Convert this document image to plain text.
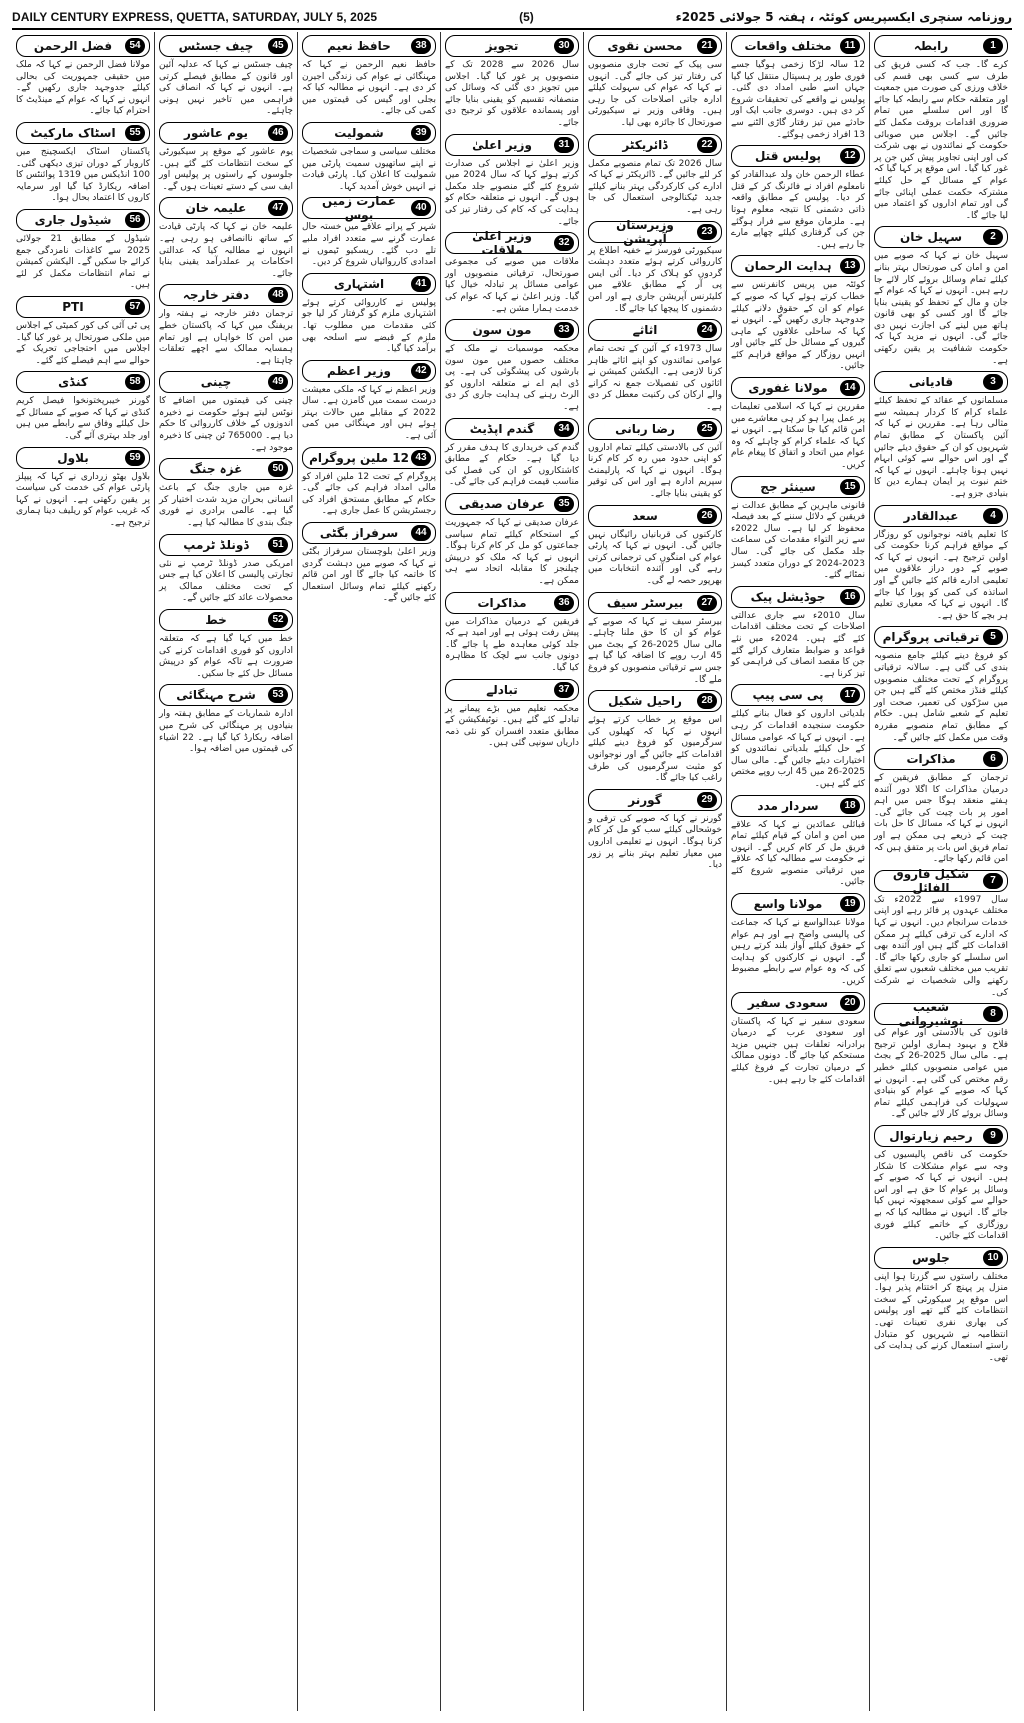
DAILY CENTURY EXPRESS, QUETTA, SATURDAY, JULY 5, 2025	(5)	روزنامہ سنچری ایکسپریس کوئٹہ ، ہفتہ 5 جولائی 2025ء
1
رابطہ
کرے گا۔ جب کہ کسی فریق کی طرف سے کسی بھی قسم کی خلاف ورزی کی صورت میں جمعیت اور متعلقہ حکام سے رابطہ کیا جائے گا اور اس سلسلے میں تمام ضروری اقدامات بروقت مکمل کئے جائیں گے۔ اجلاس میں صوبائی حکومت کے نمائندوں نے بھی شرکت کی اور اپنی تجاویز پیش کیں جن پر غور کیا گیا۔ اس موقع پر کہا گیا کہ عوام کے مسائل کے حل کیلئے مشترکہ حکمت عملی اپنائی جائے گی اور تمام اداروں کو اعتماد میں لیا جائے گا۔
2
سہیل خان
سہیل خان نے کہا کہ صوبے میں امن و امان کی صورتحال بہتر بنانے کیلئے تمام وسائل بروئے کار لائے جا رہے ہیں۔ انہوں نے کہا کہ عوام کے جان و مال کے تحفظ کو یقینی بنایا جائے گا اور کسی کو بھی قانون ہاتھ میں لینے کی اجازت نہیں دی جائے گی۔ انہوں نے مزید کہا کہ حکومت شفافیت پر یقین رکھتی ہے۔
3
قادیانی
مسلمانوں کے عقائد کے تحفظ کیلئے علماء کرام کا کردار ہمیشہ سے مثالی رہا ہے۔ مقررین نے کہا کہ آئین پاکستان کے مطابق تمام شہریوں کو ان کے حقوق دیئے جائیں گے اور اس حوالے سے کوئی ابہام نہیں ہونا چاہئے۔ انہوں نے کہا کہ ختم نبوت پر ایمان ہمارے دین کا بنیادی جزو ہے۔
4
عبدالقادر
کا تعلیم یافتہ نوجوانوں کو روزگار کے مواقع فراہم کرنا حکومت کی اولین ترجیح ہے۔ انہوں نے کہا کہ صوبے کے دور دراز علاقوں میں تعلیمی ادارے قائم کئے جائیں گے اور اساتذہ کی کمی کو پورا کیا جائے گا۔ انہوں نے کہا کہ معیاری تعلیم ہر بچے کا حق ہے۔
5
ترقیاتی پروگرام
کو فروغ دینے کیلئے جامع منصوبہ بندی کی گئی ہے۔ سالانہ ترقیاتی پروگرام کے تحت مختلف منصوبوں کیلئے فنڈز مختص کئے گئے ہیں جن میں سڑکوں کی تعمیر، صحت اور تعلیم کے شعبے شامل ہیں۔ حکام کے مطابق تمام منصوبے مقررہ وقت میں مکمل کئے جائیں گے۔
6
مذاکرات
ترجمان کے مطابق فریقین کے درمیان مذاکرات کا اگلا دور آئندہ ہفتے منعقد ہوگا جس میں اہم امور پر بات چیت کی جائے گی۔ انہوں نے کہا کہ مسائل کا حل بات چیت کے ذریعے ہی ممکن ہے اور تمام فریق اس بات پر متفق ہیں کہ امن قائم رکھا جائے۔
7
شکیل فاروق الفائل
سال 1997ء سے 2022ء تک مختلف عہدوں پر فائز رہے اور اپنی خدمات سرانجام دیں۔ انہوں نے کہا کہ ادارے کی ترقی کیلئے ہر ممکن اقدامات کئے گئے ہیں اور آئندہ بھی اس سلسلے کو جاری رکھا جائے گا۔ تقریب میں مختلف شعبوں سے تعلق رکھنے والی شخصیات نے شرکت کی۔
8
شعیب نوشیروانی
قانون کی بالادستی اور عوام کی فلاح و بہبود ہماری اولین ترجیح ہے۔ مالی سال 2025-26 کے بجٹ میں عوامی منصوبوں کیلئے خطیر رقم مختص کی گئی ہے۔ انہوں نے کہا کہ صوبے کے عوام کو بنیادی سہولیات کی فراہمی کیلئے تمام وسائل بروئے کار لائے جائیں گے۔
9
رحیم زیارتوال
حکومت کی ناقص پالیسیوں کی وجہ سے عوام مشکلات کا شکار ہیں۔ انہوں نے کہا کہ صوبے کے وسائل پر عوام کا حق ہے اور اس حوالے سے کوئی سمجھوتہ نہیں کیا جائے گا۔ انہوں نے مطالبہ کیا کہ بے روزگاری کے خاتمے کیلئے فوری اقدامات کئے جائیں۔
10
جلوس
مختلف راستوں سے گزرتا ہوا اپنی منزل پر پہنچ کر اختتام پذیر ہوا۔ اس موقع پر سیکورٹی کے سخت انتظامات کئے گئے تھے اور پولیس کی بھاری نفری تعینات تھی۔ انتظامیہ نے شہریوں کو متبادل راستے استعمال کرنے کی ہدایت کی تھی۔
11
مختلف واقعات
12 سالہ لڑکا زخمی ہوگیا جسے فوری طور پر ہسپتال منتقل کیا گیا جہاں اسے طبی امداد دی گئی۔ پولیس نے واقعے کی تحقیقات شروع کر دی ہیں۔ دوسری جانب ایک اور حادثے میں تیز رفتار گاڑی الٹنے سے 13 افراد زخمی ہوگئے۔
12
پولیس قتل
عطاء الرحمن خان ولد عبدالقادر کو نامعلوم افراد نے فائرنگ کر کے قتل کر دیا۔ پولیس کے مطابق واقعہ ذاتی دشمنی کا نتیجہ معلوم ہوتا ہے۔ ملزمان موقع سے فرار ہوگئے جن کی گرفتاری کیلئے چھاپے مارے جا رہے ہیں۔
13
ہدایت الرحمان
کوئٹہ میں پریس کانفرنس سے خطاب کرتے ہوئے کہا کہ صوبے کے عوام کو ان کے حقوق دلانے کیلئے جدوجہد جاری رکھیں گے۔ انہوں نے کہا کہ ساحلی علاقوں کے ماہی گیروں کے مسائل حل کئے جائیں اور انہیں روزگار کے مواقع فراہم کئے جائیں۔
14
مولانا غفوری
مقررین نے کہا کہ اسلامی تعلیمات پر عمل پیرا ہو کر ہی معاشرے میں امن قائم کیا جا سکتا ہے۔ انہوں نے کہا کہ علماء کرام کو چاہئے کہ وہ عوام میں اتحاد و اتفاق کا پیغام عام کریں۔
15
سینئر جج
قانونی ماہرین کے مطابق عدالت نے فریقین کے دلائل سننے کے بعد فیصلہ محفوظ کر لیا ہے۔ سال 2022ء سے زیر التواء مقدمات کی سماعت جلد مکمل کی جائے گی۔ سال 2023-2024 کے دوران متعدد کیسز نمٹائے گئے۔
16
جوڈیشل پیک
سال 2010ء سے جاری عدالتی اصلاحات کے تحت مختلف اقدامات کئے گئے ہیں۔ 2024ء میں نئے قواعد و ضوابط متعارف کرائے گئے جن کا مقصد انصاف کی فراہمی کو تیز کرنا ہے۔
17
پی سی پیپ
بلدیاتی اداروں کو فعال بنانے کیلئے حکومت سنجیدہ اقدامات کر رہی ہے۔ انہوں نے کہا کہ عوامی مسائل کے حل کیلئے بلدیاتی نمائندوں کو اختیارات دیئے جائیں گے۔ مالی سال 2025-26 میں 45 ارب روپے مختص کئے گئے ہیں۔
18
سردار مدد
قبائلی عمائدین نے کہا کہ علاقے میں امن و امان کے قیام کیلئے تمام فریق مل کر کام کریں گے۔ انہوں نے حکومت سے مطالبہ کیا کہ علاقے میں ترقیاتی منصوبے شروع کئے جائیں۔
19
مولانا واسع
مولانا عبدالواسع نے کہا کہ جماعت کی پالیسی واضح ہے اور ہم عوام کے حقوق کیلئے آواز بلند کرتے رہیں گے۔ انہوں نے کارکنوں کو ہدایت کی کہ وہ عوام سے رابطے مضبوط کریں۔
20
سعودی سفیر
سعودی سفیر نے کہا کہ پاکستان اور سعودی عرب کے درمیان برادرانہ تعلقات ہیں جنہیں مزید مستحکم کیا جائے گا۔ دونوں ممالک کے درمیان تجارت کے فروغ کیلئے اقدامات کئے جا رہے ہیں۔
21
محسن نقوی
سی پیک کے تحت جاری منصوبوں کی رفتار تیز کی جائے گی۔ انہوں نے کہا کہ عوام کی سہولت کیلئے ادارہ جاتی اصلاحات کی جا رہی ہیں۔ وفاقی وزیر نے سیکیورٹی صورتحال کا جائزہ بھی لیا۔
22
ڈائریکٹر
سال 2026 تک تمام منصوبے مکمل کر لئے جائیں گے۔ ڈائریکٹر نے کہا کہ ادارے کی کارکردگی بہتر بنانے کیلئے جدید ٹیکنالوجی استعمال کی جا رہی ہے۔
23
وزیرستان آپریشن
سیکیورٹی فورسز نے خفیہ اطلاع پر کارروائی کرتے ہوئے متعدد دہشت گردوں کو ہلاک کر دیا۔ آئی ایس پی آر کے مطابق علاقے میں کلیئرنس آپریشن جاری ہے اور امن دشمنوں کا پیچھا کیا جائے گا۔
24
اثاثے
سال 1973ء کے آئین کے تحت تمام عوامی نمائندوں کو اپنے اثاثے ظاہر کرنا لازمی ہے۔ الیکشن کمیشن نے اثاثوں کی تفصیلات جمع نہ کرانے والے ارکان کی رکنیت معطل کر دی ہے۔
25
رضا ربانی
آئین کی بالادستی کیلئے تمام اداروں کو اپنی حدود میں رہ کر کام کرنا ہوگا۔ انہوں نے کہا کہ پارلیمنٹ سپریم ادارہ ہے اور اس کی توقیر کو یقینی بنایا جائے۔
26
سعد
کارکنوں کی قربانیاں رائیگاں نہیں جائیں گی۔ انہوں نے کہا کہ پارٹی عوام کی امنگوں کی ترجمانی کرتی رہے گی اور آئندہ انتخابات میں بھرپور حصہ لے گی۔
27
بیرسٹر سیف
بیرسٹر سیف نے کہا کہ صوبے کے عوام کو ان کا حق ملنا چاہئے۔ مالی سال 2025-26 کے بجٹ میں 45 ارب روپے کا اضافہ کیا گیا ہے جس سے ترقیاتی منصوبوں کو فروغ ملے گا۔
28
راحیل شکیل
اس موقع پر خطاب کرتے ہوئے انہوں نے کہا کہ کھیلوں کی سرگرمیوں کو فروغ دینے کیلئے اقدامات کئے جائیں گے اور نوجوانوں کو مثبت سرگرمیوں کی طرف راغب کیا جائے گا۔
29
گورنر
گورنر نے کہا کہ صوبے کی ترقی و خوشحالی کیلئے سب کو مل کر کام کرنا ہوگا۔ انہوں نے تعلیمی اداروں میں معیار تعلیم بہتر بنانے پر زور دیا۔
30
تجویز
سال 2026 سے 2028 تک کے منصوبوں پر غور کیا گیا۔ اجلاس میں تجویز دی گئی کہ وسائل کی منصفانہ تقسیم کو یقینی بنایا جائے اور پسماندہ علاقوں کو ترجیح دی جائے۔
31
وزیر اعلیٰ
وزیر اعلیٰ نے اجلاس کی صدارت کرتے ہوئے کہا کہ سال 2024 میں شروع کئے گئے منصوبے جلد مکمل ہوں گے۔ انہوں نے متعلقہ حکام کو ہدایت کی کہ کام کی رفتار تیز کی جائے۔
32
وزیر اعلیٰ ملاقات
ملاقات میں صوبے کی مجموعی صورتحال، ترقیاتی منصوبوں اور عوامی مسائل پر تبادلہ خیال کیا گیا۔ وزیر اعلیٰ نے کہا کہ عوام کی خدمت ہمارا مشن ہے۔
33
مون سون
محکمہ موسمیات نے ملک کے مختلف حصوں میں مون سون بارشوں کی پیشگوئی کی ہے۔ پی ڈی ایم اے نے متعلقہ اداروں کو الرٹ رہنے کی ہدایت جاری کر دی ہے۔
34
گندم اپڈیٹ
گندم کی خریداری کا ہدف مقرر کر دیا گیا ہے۔ حکام کے مطابق کاشتکاروں کو ان کی فصل کی مناسب قیمت فراہم کی جائے گی۔
35
عرفان صدیقی
عرفان صدیقی نے کہا کہ جمہوریت کے استحکام کیلئے تمام سیاسی جماعتوں کو مل کر کام کرنا ہوگا۔ انہوں نے کہا کہ ملک کو درپیش چیلنجز کا مقابلہ اتحاد سے ہی ممکن ہے۔
36
مذاکرات
فریقین کے درمیان مذاکرات میں پیش رفت ہوئی ہے اور امید ہے کہ جلد کوئی معاہدہ طے پا جائے گا۔ دونوں جانب سے لچک کا مظاہرہ کیا گیا۔
37
تبادلے
محکمہ تعلیم میں بڑے پیمانے پر تبادلے کئے گئے ہیں۔ نوٹیفکیشن کے مطابق متعدد افسران کو نئی ذمہ داریاں سونپی گئی ہیں۔
38
حافظ نعیم
حافظ نعیم الرحمن نے کہا کہ مہنگائی نے عوام کی زندگی اجیرن کر دی ہے۔ انہوں نے مطالبہ کیا کہ بجلی اور گیس کی قیمتوں میں کمی کی جائے۔
39
شمولیت
مختلف سیاسی و سماجی شخصیات نے اپنے ساتھیوں سمیت پارٹی میں شمولیت کا اعلان کیا۔ پارٹی قیادت نے انہیں خوش آمدید کہا۔
40
عمارت زمیں بوس
شہر کے پرانے علاقے میں خستہ حال عمارت گرنے سے متعدد افراد ملبے تلے دب گئے۔ ریسکیو ٹیموں نے امدادی کارروائیاں شروع کر دیں۔
41
اشتہاری
پولیس نے کارروائی کرتے ہوئے اشتہاری ملزم کو گرفتار کر لیا جو کئی مقدمات میں مطلوب تھا۔ ملزم کے قبضے سے اسلحہ بھی برآمد کیا گیا۔
42
وزیر اعظم
وزیر اعظم نے کہا کہ ملکی معیشت درست سمت میں گامزن ہے۔ سال 2022 کے مقابلے میں حالات بہتر ہوئے ہیں اور مہنگائی میں کمی آئی ہے۔
43
12 ملین پروگرام
پروگرام کے تحت 12 ملین افراد کو مالی امداد فراہم کی جائے گی۔ حکام کے مطابق مستحق افراد کی رجسٹریشن کا عمل جاری ہے۔
44
سرفراز بگٹی
وزیر اعلیٰ بلوچستان سرفراز بگٹی نے کہا کہ صوبے میں دہشت گردی کا خاتمہ کیا جائے گا اور امن قائم رکھنے کیلئے تمام وسائل استعمال کئے جائیں گے۔
45
چیف جسٹس
چیف جسٹس نے کہا کہ عدلیہ آئین اور قانون کے مطابق فیصلے کرتی ہے۔ انہوں نے کہا کہ انصاف کی فراہمی میں تاخیر نہیں ہونی چاہئے۔
46
یوم عاشور
یوم عاشور کے موقع پر سیکیورٹی کے سخت انتظامات کئے گئے ہیں۔ جلوسوں کے راستوں پر پولیس اور ایف سی کے دستے تعینات ہوں گے۔
47
علیمہ خان
علیمہ خان نے کہا کہ پارٹی قیادت کے ساتھ ناانصافی ہو رہی ہے۔ انہوں نے مطالبہ کیا کہ عدالتی احکامات پر عملدرآمد یقینی بنایا جائے۔
48
دفتر خارجہ
ترجمان دفتر خارجہ نے ہفتہ وار بریفنگ میں کہا کہ پاکستان خطے میں امن کا خواہاں ہے اور تمام ہمسایہ ممالک سے اچھے تعلقات چاہتا ہے۔
49
چینی
چینی کی قیمتوں میں اضافے کا نوٹس لیتے ہوئے حکومت نے ذخیرہ اندوزوں کے خلاف کارروائی کا حکم دیا ہے۔ 765000 ٹن چینی کا ذخیرہ موجود ہے۔
50
غزہ جنگ
غزہ میں جاری جنگ کے باعث انسانی بحران مزید شدت اختیار کر گیا ہے۔ عالمی برادری نے فوری جنگ بندی کا مطالبہ کیا ہے۔
51
ڈونلڈ ٹرمپ
امریکی صدر ڈونلڈ ٹرمپ نے نئی تجارتی پالیسی کا اعلان کیا ہے جس کے تحت مختلف ممالک پر محصولات عائد کئے جائیں گے۔
52
خط
خط میں کہا گیا ہے کہ متعلقہ اداروں کو فوری اقدامات کرنے کی ضرورت ہے تاکہ عوام کو درپیش مسائل حل کئے جا سکیں۔
53
شرح مہنگائی
ادارہ شماریات کے مطابق ہفتہ وار بنیادوں پر مہنگائی کی شرح میں اضافہ ریکارڈ کیا گیا ہے۔ 22 اشیاء کی قیمتوں میں اضافہ ہوا۔
54
فضل الرحمن
مولانا فضل الرحمن نے کہا کہ ملک میں حقیقی جمہوریت کی بحالی کیلئے جدوجہد جاری رکھیں گے۔ انہوں نے کہا کہ عوام کے مینڈیٹ کا احترام کیا جائے۔
55
اسٹاک مارکیٹ
پاکستان اسٹاک ایکسچینج میں کاروبار کے دوران تیزی دیکھی گئی۔ 100 انڈیکس میں 1319 پوائنٹس کا اضافہ ریکارڈ کیا گیا اور سرمایہ کاروں کا اعتماد بحال ہوا۔
56
شیڈول جاری
شیڈول کے مطابق 21 جولائی 2025 سے کاغذات نامزدگی جمع کرائے جا سکیں گے۔ الیکشن کمیشن نے تمام انتظامات مکمل کر لئے ہیں۔
57
PTI
پی ٹی آئی کی کور کمیٹی کے اجلاس میں ملکی صورتحال پر غور کیا گیا۔ اجلاس میں احتجاجی تحریک کے حوالے سے اہم فیصلے کئے گئے۔
58
کنڈی
گورنر خیبرپختونخوا فیصل کریم کنڈی نے کہا کہ صوبے کے مسائل کے حل کیلئے وفاق سے رابطے میں ہیں اور جلد بہتری آئے گی۔
59
بلاول
بلاول بھٹو زرداری نے کہا کہ پیپلز پارٹی عوام کی خدمت کی سیاست پر یقین رکھتی ہے۔ انہوں نے کہا کہ غریب عوام کو ریلیف دینا ہماری ترجیح ہے۔
